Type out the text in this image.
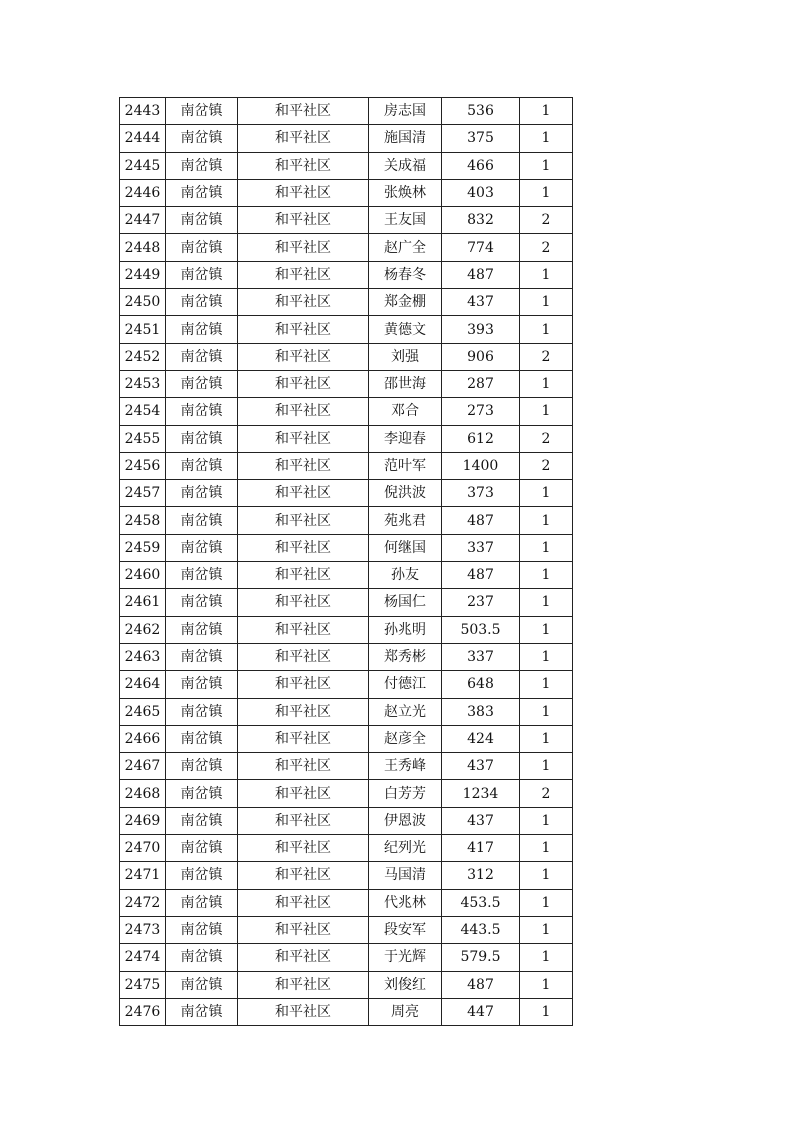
2443	南岔镇	和平社区	房志国	536	1
2444	南岔镇	和平社区	施国清	375	1
2445	南岔镇	和平社区	关成福	466	1
2446	南岔镇	和平社区	张焕林	403	1
2447	南岔镇	和平社区	王友国	832	2
2448	南岔镇	和平社区	赵广全	774	2
2449	南岔镇	和平社区	杨春冬	487	1
2450	南岔镇	和平社区	郑金棚	437	1
2451	南岔镇	和平社区	黄德文	393	1
2452	南岔镇	和平社区	刘强	906	2
2453	南岔镇	和平社区	邵世海	287	1
2454	南岔镇	和平社区	邓合	273	1
2455	南岔镇	和平社区	李迎春	612	2
2456	南岔镇	和平社区	范叶军	1400	2
2457	南岔镇	和平社区	倪洪波	373	1
2458	南岔镇	和平社区	苑兆君	487	1
2459	南岔镇	和平社区	何继国	337	1
2460	南岔镇	和平社区	孙友	487	1
2461	南岔镇	和平社区	杨国仁	237	1
2462	南岔镇	和平社区	孙兆明	503.5	1
2463	南岔镇	和平社区	郑秀彬	337	1
2464	南岔镇	和平社区	付德江	648	1
2465	南岔镇	和平社区	赵立光	383	1
2466	南岔镇	和平社区	赵彦全	424	1
2467	南岔镇	和平社区	王秀峰	437	1
2468	南岔镇	和平社区	白芳芳	1234	2
2469	南岔镇	和平社区	伊恩波	437	1
2470	南岔镇	和平社区	纪列光	417	1
2471	南岔镇	和平社区	马国清	312	1
2472	南岔镇	和平社区	代兆林	453.5	1
2473	南岔镇	和平社区	段安军	443.5	1
2474	南岔镇	和平社区	于光辉	579.5	1
2475	南岔镇	和平社区	刘俊红	487	1
2476	南岔镇	和平社区	周亮	447	1
